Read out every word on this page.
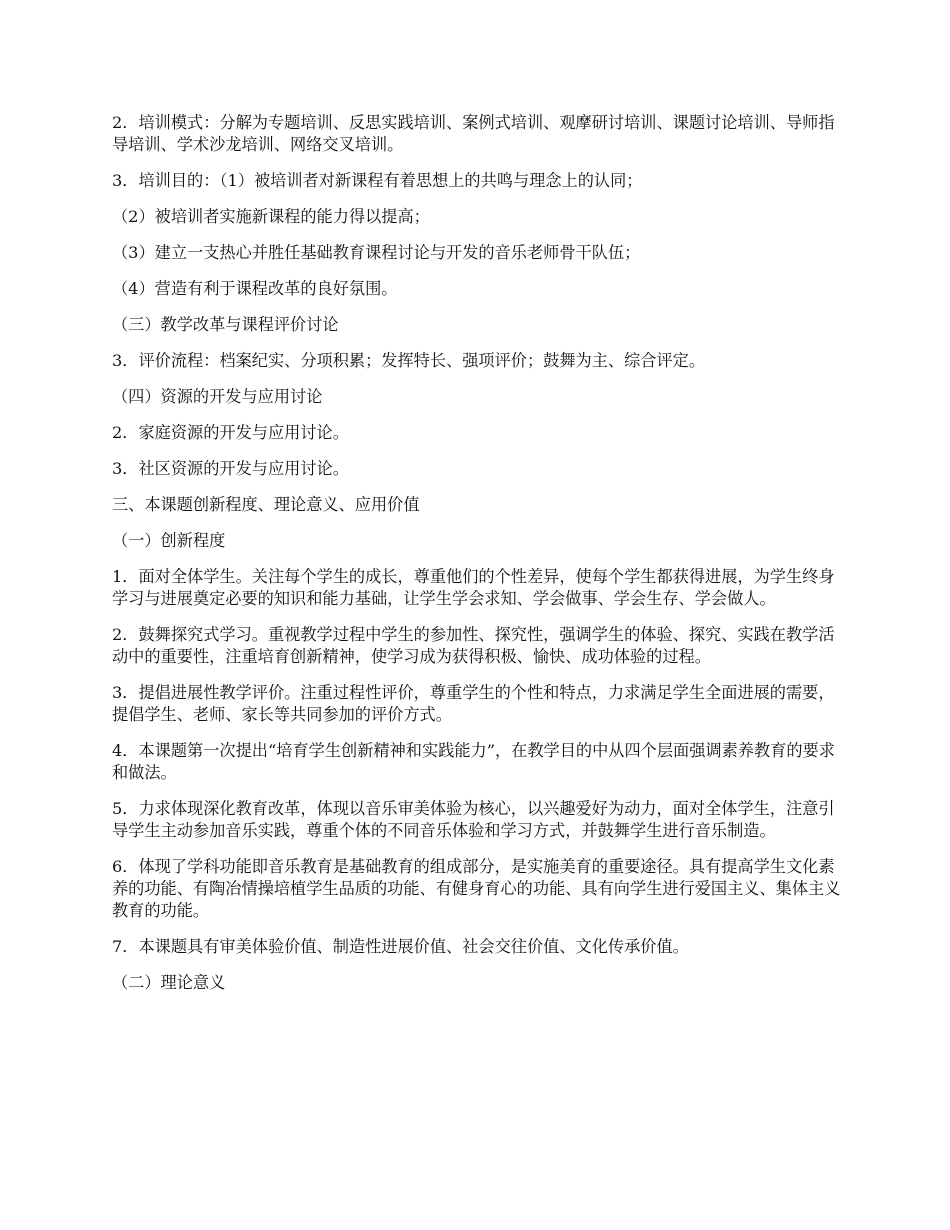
2．培训模式：分解为专题培训、反思实践培训、案例式培训、观摩研讨培训、课题讨论培训、导师指导培训、学术沙龙培训、网络交叉培训。

3．培训目的：（1）被培训者对新课程有着思想上的共鸣与理念上的认同；

（2）被培训者实施新课程的能力得以提高；

（3）建立一支热心并胜任基础教育课程讨论与开发的音乐老师骨干队伍；

（4）营造有利于课程改革的良好氛围。

（三）教学改革与课程评价讨论

3．评价流程：档案纪实、分项积累；发挥特长、强项评价；鼓舞为主、综合评定。

（四）资源的开发与应用讨论

2．家庭资源的开发与应用讨论。

3．社区资源的开发与应用讨论。

三、本课题创新程度、理论意义、应用价值

（一）创新程度

1．面对全体学生。关注每个学生的成长，尊重他们的个性差异，使每个学生都获得进展，为学生终身学习与进展奠定必要的知识和能力基础，让学生学会求知、学会做事、学会生存、学会做人。

2．鼓舞探究式学习。重视教学过程中学生的参加性、探究性，强调学生的体验、探究、实践在教学活动中的重要性，注重培育创新精神，使学习成为获得积极、愉快、成功体验的过程。

3．提倡进展性教学评价。注重过程性评价，尊重学生的个性和特点，力求满足学生全面进展的需要，提倡学生、老师、家长等共同参加的评价方式。

4．本课题第一次提出“培育学生创新精神和实践能力”，在教学目的中从四个层面强调素养教育的要求和做法。

5．力求体现深化教育改革，体现以音乐审美体验为核心，以兴趣爱好为动力，面对全体学生，注意引导学生主动参加音乐实践，尊重个体的不同音乐体验和学习方式，并鼓舞学生进行音乐制造。

6．体现了学科功能即音乐教育是基础教育的组成部分，是实施美育的重要途径。具有提高学生文化素养的功能、有陶冶情操培植学生品质的功能、有健身育心的功能、具有向学生进行爱国主义、集体主义教育的功能。

7．本课题具有审美体验价值、制造性进展价值、社会交往价值、文化传承价值。

（二）理论意义
